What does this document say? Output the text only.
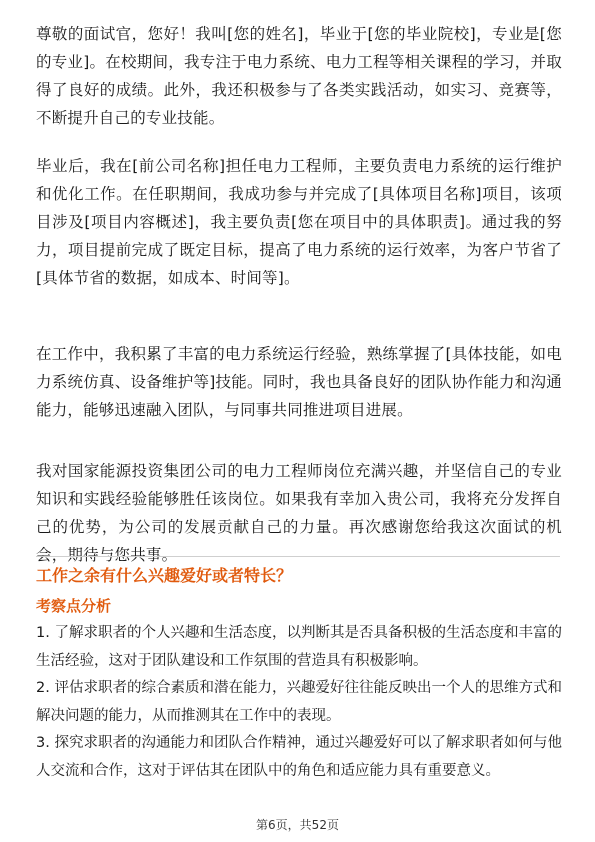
尊敬的面试官，您好！我叫[您的姓名]，毕业于[您的毕业院校]，专业是[您的专业]。在校期间，我专注于电力系统、电力工程等相关课程的学习，并取得了良好的成绩。此外，我还积极参与了各类实践活动，如实习、竞赛等，不断提升自己的专业技能。

毕业后，我在[前公司名称]担任电力工程师，主要负责电力系统的运行维护和优化工作。在任职期间，我成功参与并完成了[具体项目名称]项目，该项目涉及[项目内容概述]，我主要负责[您在项目中的具体职责]。通过我的努力，项目提前完成了既定目标，提高了电力系统的运行效率，为客户节省了[具体节省的数据，如成本、时间等]。

在工作中，我积累了丰富的电力系统运行经验，熟练掌握了[具体技能，如电力系统仿真、设备维护等]技能。同时，我也具备良好的团队协作能力和沟通能力，能够迅速融入团队，与同事共同推进项目进展。

我对国家能源投资集团公司的电力工程师岗位充满兴趣，并坚信自己的专业知识和实践经验能够胜任该岗位。如果我有幸加入贵公司，我将充分发挥自己的优势，为公司的发展贡献自己的力量。再次感谢您给我这次面试的机会，期待与您共事。

工作之余有什么兴趣爱好或者特长？
考察点分析
1. 了解求职者的个人兴趣和生活态度，以判断其是否具备积极的生活态度和丰富的生活经验，这对于团队建设和工作氛围的营造具有积极影响。
2. 评估求职者的综合素质和潜在能力，兴趣爱好往往能反映出一个人的思维方式和解决问题的能力，从而推测其在工作中的表现。
3. 探究求职者的沟通能力和团队合作精神，通过兴趣爱好可以了解求职者如何与他人交流和合作，这对于评估其在团队中的角色和适应能力具有重要意义。
第6页，共52页
